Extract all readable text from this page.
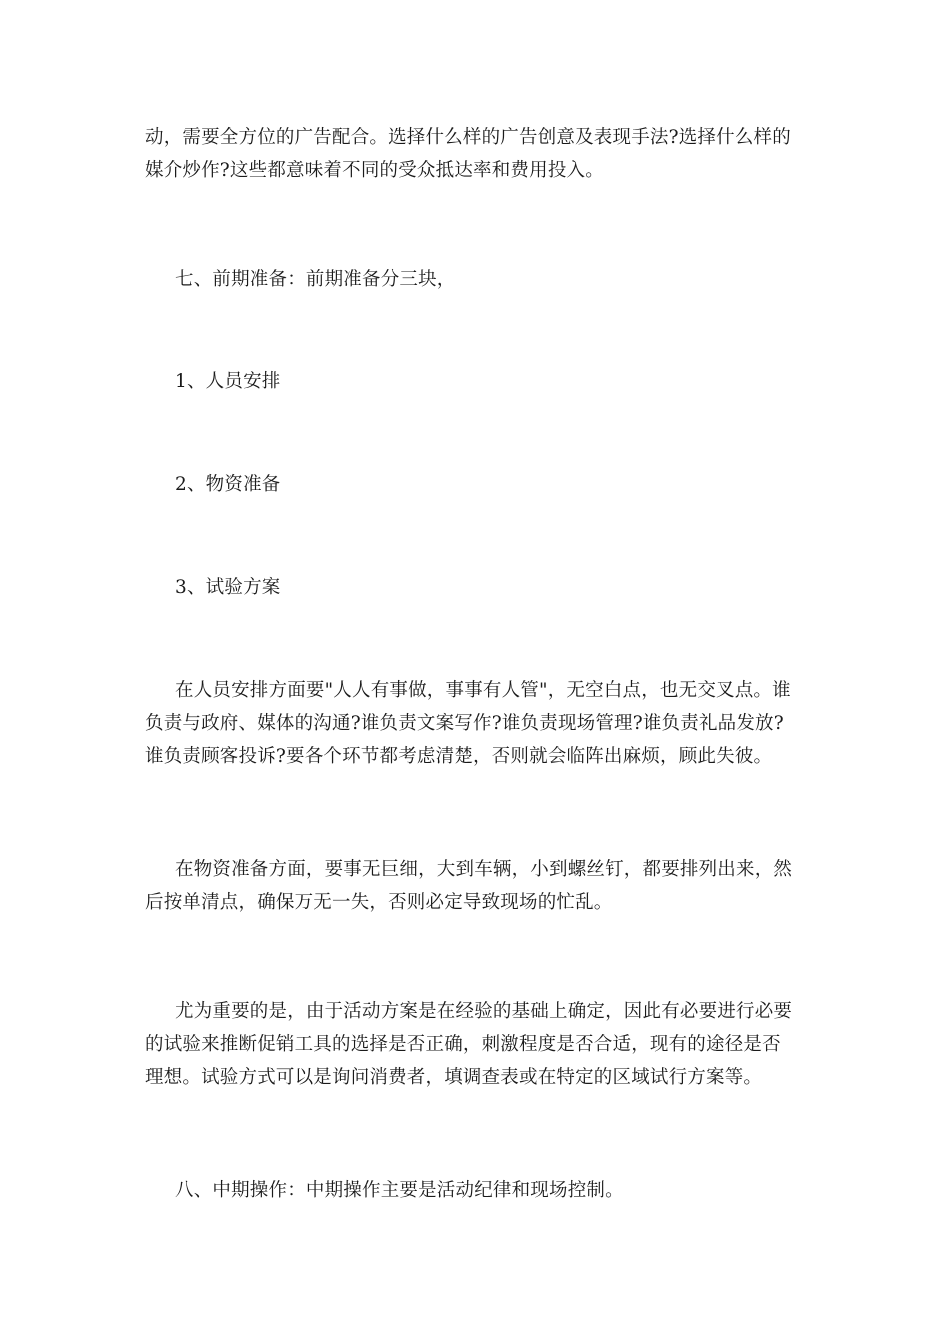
动，需要全方位的广告配合。选择什么样的广告创意及表现手法?选择什么样的
媒介炒作?这些都意味着不同的受众抵达率和费用投入。

七、前期准备：前期准备分三块，

1、人员安排

2、物资准备

3、试验方案

在人员安排方面要"人人有事做，事事有人管"，无空白点，也无交叉点。谁
负责与政府、媒体的沟通?谁负责文案写作?谁负责现场管理?谁负责礼品发放?
谁负责顾客投诉?要各个环节都考虑清楚，否则就会临阵出麻烦，顾此失彼。

在物资准备方面，要事无巨细，大到车辆，小到螺丝钉，都要排列出来，然
后按单清点，确保万无一失，否则必定导致现场的忙乱。

尤为重要的是，由于活动方案是在经验的基础上确定，因此有必要进行必要
的试验来推断促销工具的选择是否正确，刺激程度是否合适，现有的途径是否
理想。试验方式可以是询问消费者，填调查表或在特定的区域试行方案等。

八、中期操作：中期操作主要是活动纪律和现场控制。
